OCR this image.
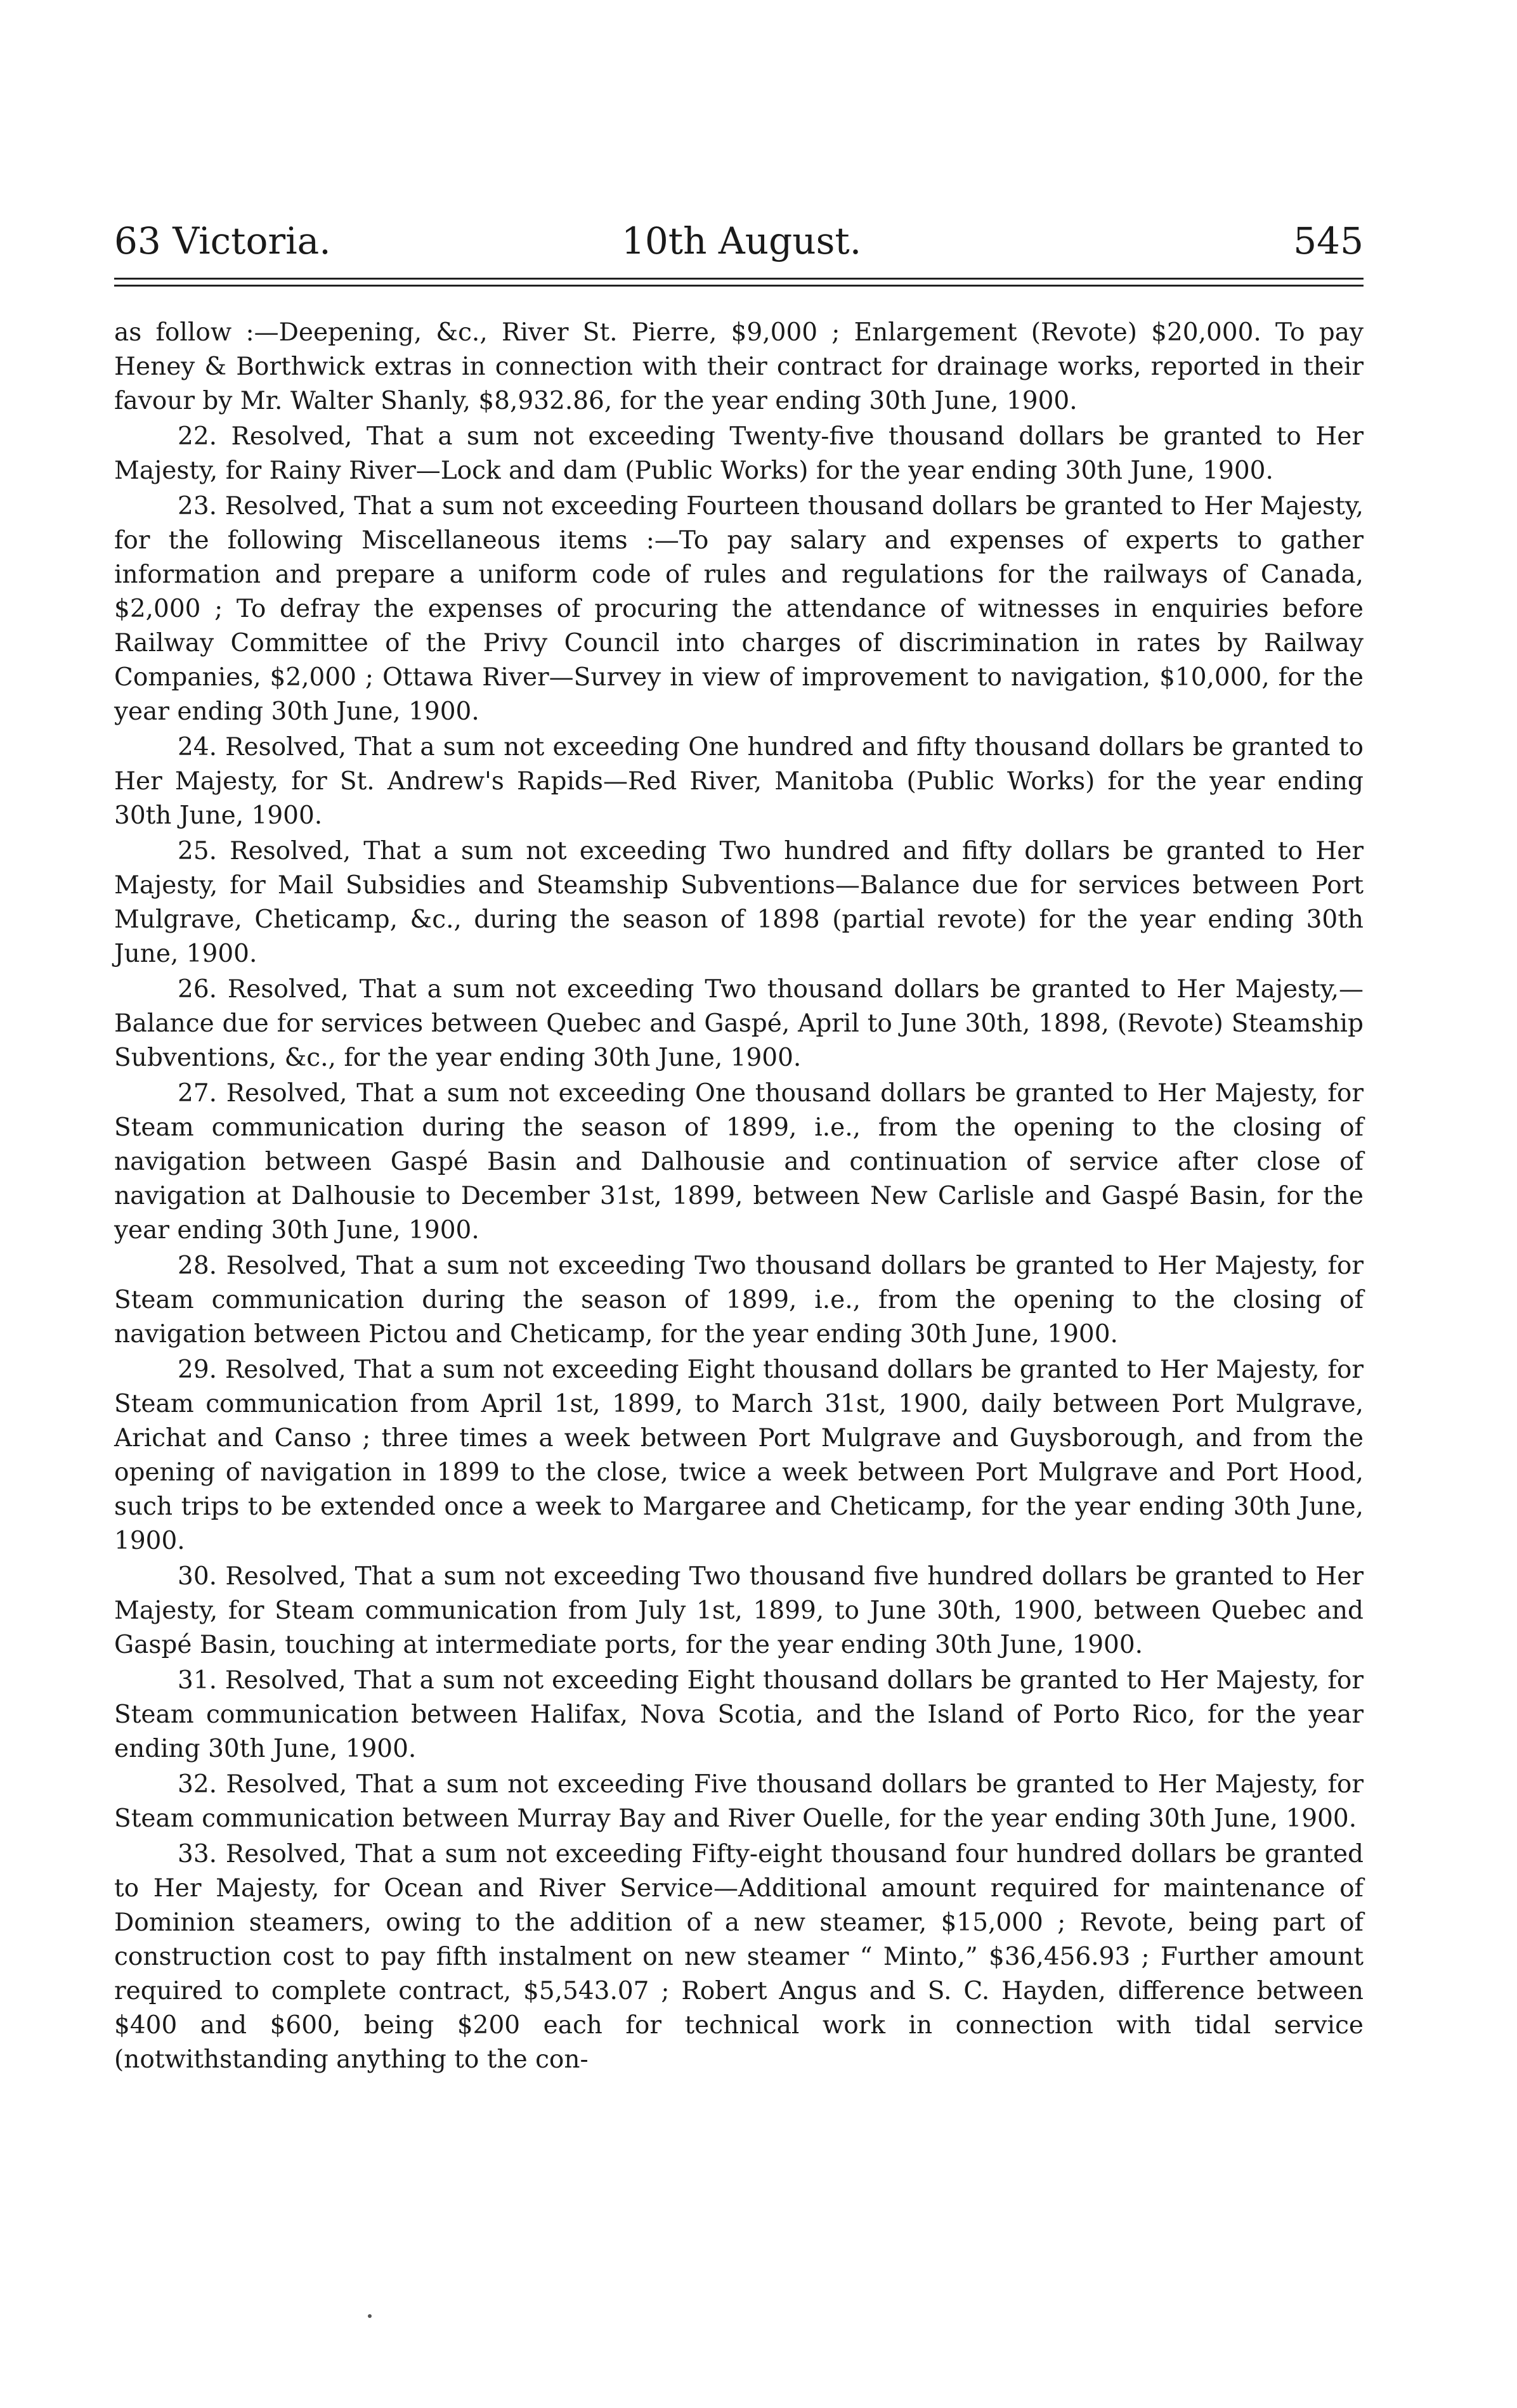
63 Victoria.	10th August.	545

as follow :—Deepening, &c., River St. Pierre, $9,000 ; Enlargement (Revote) $20,000. To pay Heney & Borthwick extras in connection with their contract for drainage works, reported in their favour by Mr. Walter Shanly, $8,932.86, for the year ending 30th June, 1900.

22. Resolved, That a sum not exceeding Twenty-five thousand dollars be granted to Her Majesty, for Rainy River—Lock and dam (Public Works) for the year ending 30th June, 1900.

23. Resolved, That a sum not exceeding Fourteen thousand dollars be granted to Her Majesty, for the following Miscellaneous items :—To pay salary and expenses of experts to gather information and prepare a uniform code of rules and regulations for the railways of Canada, $2,000 ; To defray the expenses of procuring the attendance of witnesses in enquiries before Railway Committee of the Privy Council into charges of discrimination in rates by Railway Companies, $2,000 ; Ottawa River—Survey in view of improvement to navigation, $10,000, for the year ending 30th June, 1900.

24. Resolved, That a sum not exceeding One hundred and fifty thousand dollars be granted to Her Majesty, for St. Andrew's Rapids—Red River, Manitoba (Public Works) for the year ending 30th June, 1900.

25. Resolved, That a sum not exceeding Two hundred and fifty dollars be granted to Her Majesty, for Mail Subsidies and Steamship Subventions—Balance due for services between Port Mulgrave, Cheticamp, &c., during the season of 1898 (partial revote) for the year ending 30th June, 1900.

26. Resolved, That a sum not exceeding Two thousand dollars be granted to Her Majesty,—Balance due for services between Quebec and Gaspé, April to June 30th, 1898, (Revote) Steamship Subventions, &c., for the year ending 30th June, 1900.

27. Resolved, That a sum not exceeding One thousand dollars be granted to Her Majesty, for Steam communication during the season of 1899, i.e., from the opening to the closing of navigation between Gaspé Basin and Dalhousie and continuation of service after close of navigation at Dalhousie to December 31st, 1899, between New Carlisle and Gaspé Basin, for the year ending 30th June, 1900.

28. Resolved, That a sum not exceeding Two thousand dollars be granted to Her Majesty, for Steam communication during the season of 1899, i.e., from the opening to the closing of navigation between Pictou and Cheticamp, for the year ending 30th June, 1900.

29. Resolved, That a sum not exceeding Eight thousand dollars be granted to Her Majesty, for Steam communication from April 1st, 1899, to March 31st, 1900, daily between Port Mulgrave, Arichat and Canso ; three times a week between Port Mulgrave and Guysborough, and from the opening of navigation in 1899 to the close, twice a week between Port Mulgrave and Port Hood, such trips to be extended once a week to Margaree and Cheticamp, for the year ending 30th June, 1900.

30. Resolved, That a sum not exceeding Two thousand five hundred dollars be granted to Her Majesty, for Steam communication from July 1st, 1899, to June 30th, 1900, between Quebec and Gaspé Basin, touching at intermediate ports, for the year ending 30th June, 1900.

31. Resolved, That a sum not exceeding Eight thousand dollars be granted to Her Majesty, for Steam communication between Halifax, Nova Scotia, and the Island of Porto Rico, for the year ending 30th June, 1900.

32. Resolved, That a sum not exceeding Five thousand dollars be granted to Her Majesty, for Steam communication between Murray Bay and River Ouelle, for the year ending 30th June, 1900.

33. Resolved, That a sum not exceeding Fifty-eight thousand four hundred dollars be granted to Her Majesty, for Ocean and River Service—Additional amount required for maintenance of Dominion steamers, owing to the addition of a new steamer, $15,000 ; Revote, being part of construction cost to pay fifth instalment on new steamer “ Minto,” $36,456.93 ; Further amount required to complete contract, $5,543.07 ; Robert Angus and S. C. Hayden, difference between $400 and $600, being $200 each for technical work in connection with tidal service (notwithstanding anything to the con-
